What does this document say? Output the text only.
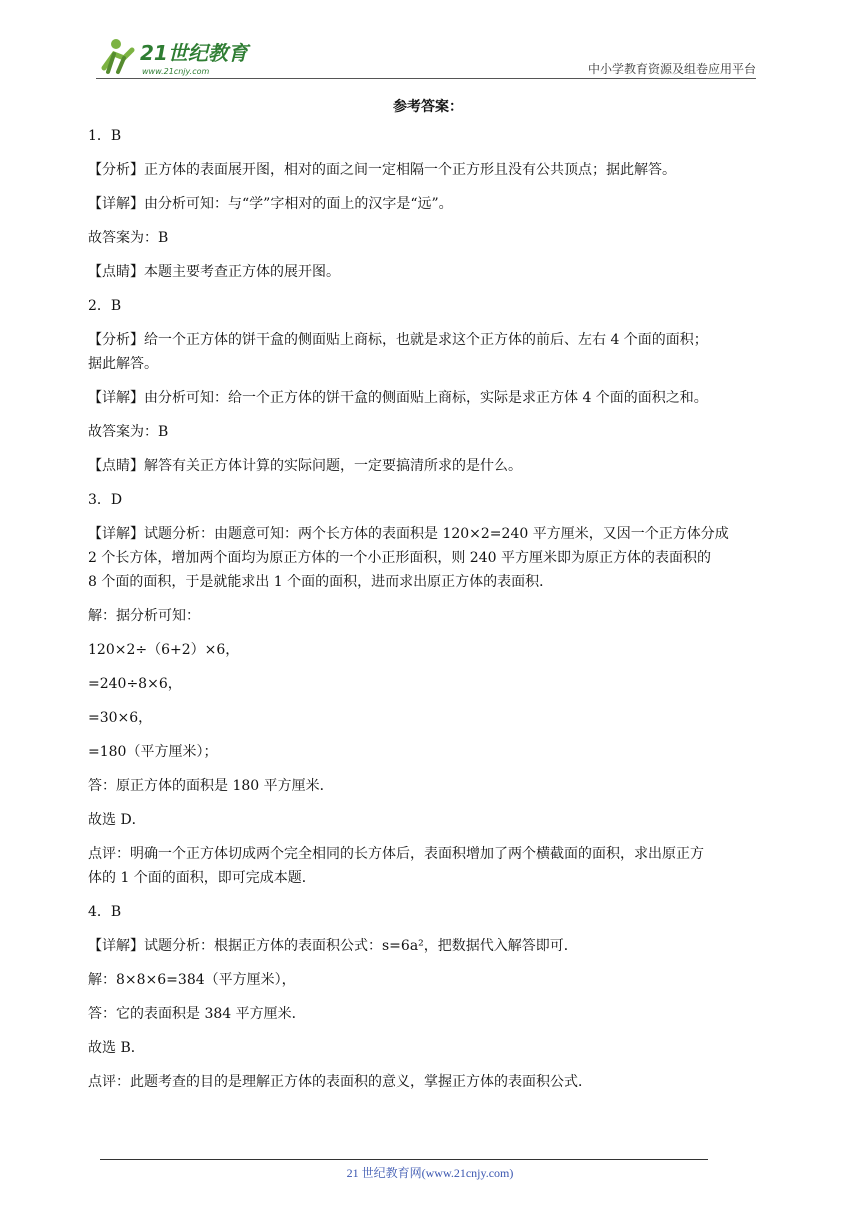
21世纪教育
www.21cnjy.com	中小学教育资源及组卷应用平台
参考答案：
1．B
【分析】正方体的表面展开图，相对的面之间一定相隔一个正方形且没有公共顶点；据此解答。
【详解】由分析可知：与“学”字相对的面上的汉字是“远”。
故答案为：B
【点睛】本题主要考查正方体的展开图。
2．B
【分析】给一个正方体的饼干盒的侧面贴上商标，也就是求这个正方体的前后、左右 4 个面的面积；
据此解答。
【详解】由分析可知：给一个正方体的饼干盒的侧面贴上商标，实际是求正方体 4 个面的面积之和。
故答案为：B
【点睛】解答有关正方体计算的实际问题，一定要搞清所求的是什么。
3．D
【详解】试题分析：由题意可知：两个长方体的表面积是 120×2=240 平方厘米，又因一个正方体分成
2 个长方体，增加两个面均为原正方体的一个小正形面积，则 240 平方厘米即为原正方体的表面积的
8 个面的面积，于是就能求出 1 个面的面积，进而求出原正方体的表面积．
解：据分析可知：
120×2÷（6+2）×6，
=240÷8×6，
=30×6，
=180（平方厘米）；
答：原正方体的面积是 180 平方厘米．
故选 D．
点评：明确一个正方体切成两个完全相同的长方体后，表面积增加了两个横截面的面积，求出原正方
体的 1 个面的面积，即可完成本题．
4．B
【详解】试题分析：根据正方体的表面积公式：s=6a²，把数据代入解答即可．
解：8×8×6=384（平方厘米），
答：它的表面积是 384 平方厘米．
故选 B．
点评：此题考查的目的是理解正方体的表面积的意义，掌握正方体的表面积公式．
21 世纪教育网(www.21cnjy.com)
